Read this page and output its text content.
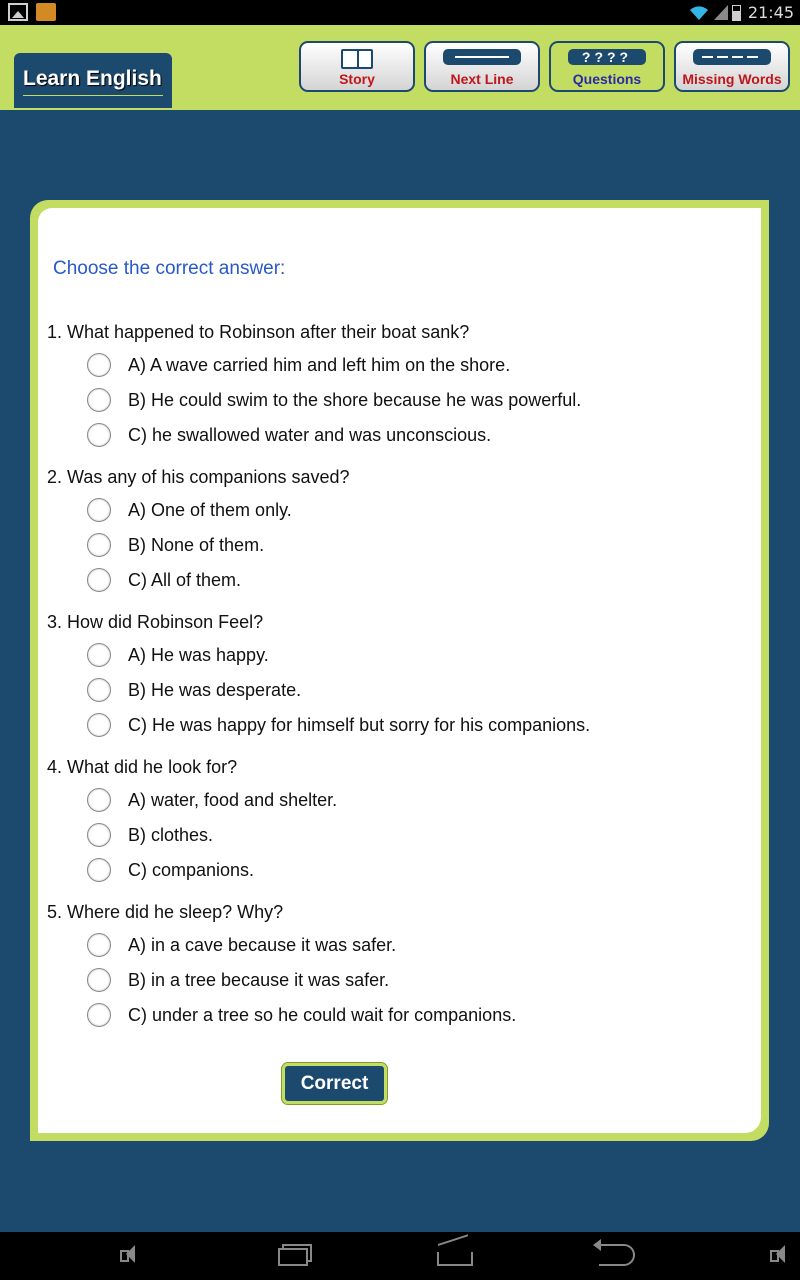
21:45
Learn English	Story	Next Line
????
Questions	Missing Words
Choose the correct answer:
1. What happened to Robinson after their boat sank?
A) A wave carried him and left him on the shore.
B) He could swim to the shore because he was powerful.
C) he swallowed water and was unconscious.
2. Was any of his companions saved?
A) One of them only.
B) None of them.
C) All of them.
3. How did Robinson Feel?
A) He was happy.
B) He was desperate.
C) He was happy for himself but sorry for his companions.
4. What did he look for?
A) water, food and shelter.
B) clothes.
C) companions.
5. Where did he sleep? Why?
A) in a cave because it was safer.
B) in a tree because it was safer.
C) under a tree so he could wait for companions.
Correct
